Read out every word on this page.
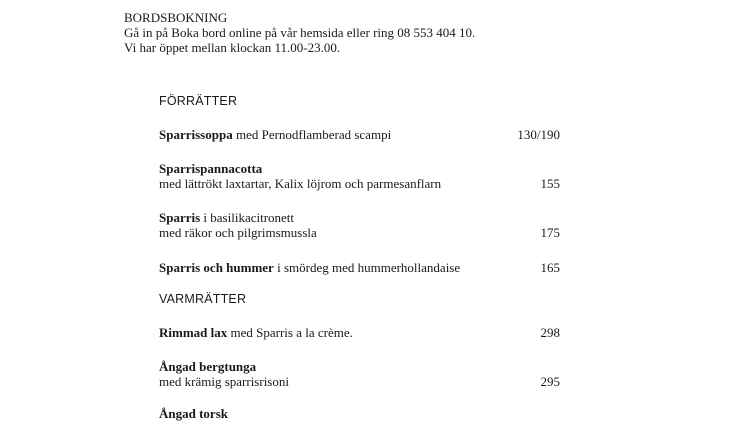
BORDSBOKNING
Gå in på Boka bord online på vår hemsida eller ring 08 553 404 10.
Vi har öppet mellan klockan 11.00-23.00.
FÖRRÄTTER
Sparrissoppa med Pernodflamberad scampi	130/190
Sparrispannacotta
med lättrökt laxtartar, Kalix löjrom och parmesanflarn	155
Sparris i basilikacitronett
med räkor och pilgrimsmussla	175
Sparris och hummer i smördeg med hummerhollandaise	165
VARMRÄTTER
Rimmad lax med Sparris a la crème.	298
Ångad bergtunga
med krämig sparrisrisoni	295
Ångad torsk
